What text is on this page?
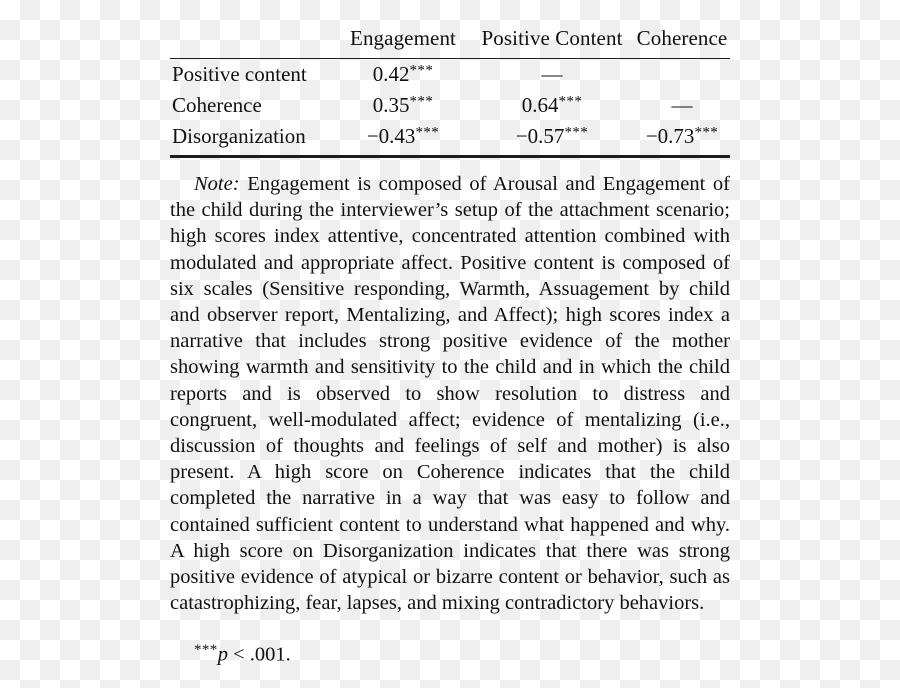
	Engagement	Positive Content	Coherence
Positive content	0.42***	—	
Coherence	0.35***	0.64***	—
Disorganization	−0.43***	−0.57***	−0.73***

Note: Engagement is composed of Arousal and Engagement of the child during the interviewer’s setup of the attachment scenario; high scores index attentive, concentrated attention combined with modulated and appropriate affect. Positive content is composed of six scales (Sensitive responding, Warmth, Assuagement by child and observer report, Mentalizing, and Affect); high scores index a narrative that includes strong positive evidence of the mother showing warmth and sensitivity to the child and in which the child reports and is observed to show resolution to distress and congruent, well-modulated affect; evidence of mentalizing (i.e., discussion of thoughts and feelings of self and mother) is also present. A high score on Coherence indicates that the child completed the narrative in a way that was easy to follow and contained sufficient content to understand what happened and why. A high score on Disorganization indicates that there was strong positive evidence of atypical or bizarre content or behavior, such as catastrophizing, fear, lapses, and mixing contradictory behaviors.

***p < .001.
